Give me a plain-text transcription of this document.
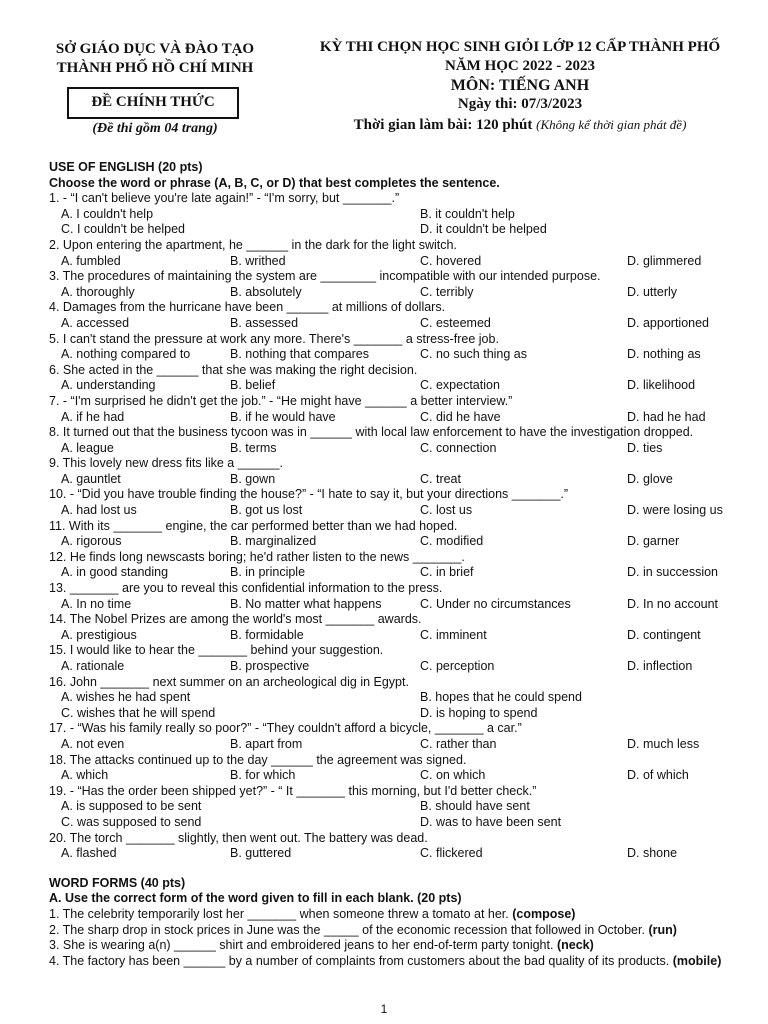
SỞ GIÁO DỤC VÀ ĐÀO TẠO
THÀNH PHỐ HỒ CHÍ MINH
ĐỀ CHÍNH THỨC
(Đề thi gồm 04 trang)
KỲ THI CHỌN HỌC SINH GIỎI LỚP 12 CẤP THÀNH PHỐ
NĂM HỌC 2022 - 2023
MÔN: TIẾNG ANH
Ngày thi: 07/3/2023
Thời gian làm bài: 120 phút (Không kể thời gian phát đề)
USE OF ENGLISH (20 pts)
Choose the word or phrase (A, B, C, or D) that best completes the sentence.
1. - “I can't believe you're late again!” - “I'm sorry, but _______.”
A. I couldn't help	B. it couldn't help
C. I couldn't be helped	D. it couldn't be helped
2. Upon entering the apartment, he ______ in the dark for the light switch.
A. fumbled	B. writhed	C. hovered	D. glimmered
3. The procedures of maintaining the system are ________ incompatible with our intended purpose.
A. thoroughly	B. absolutely	C. terribly	D. utterly
4. Damages from the hurricane have been ______ at millions of dollars.
A. accessed	B. assessed	C. esteemed	D. apportioned
5. I can't stand the pressure at work any more. There's _______ a stress-free job.
A. nothing compared to	B. nothing that compares	C. no such thing as	D. nothing as
6. She acted in the ______ that she was making the right decision.
A. understanding	B. belief	C. expectation	D. likelihood
7. - “I'm surprised he didn't get the job.” - “He might have ______ a better interview.”
A. if he had	B. if he would have	C. did he have	D. had he had
8. It turned out that the business tycoon was in ______ with local law enforcement to have the investigation dropped.
A. league	B. terms	C. connection	D. ties
9. This lovely new dress fits like a ______.
A. gauntlet	B. gown	C. treat	D. glove
10. - “Did you have trouble finding the house?” - “I hate to say it, but your directions _______.”
A. had lost us	B. got us lost	C. lost us	D. were losing us
11. With its _______ engine, the car performed better than we had hoped.
A. rigorous	B. marginalized	C. modified	D. garner
12. He finds long newscasts boring; he'd rather listen to the news _______.
A. in good standing	B. in principle	C. in brief	D. in succession
13. _______ are you to reveal this confidential information to the press.
A. In no time	B. No matter what happens	C. Under no circumstances	D. In no account
14. The Nobel Prizes are among the world's most _______ awards.
A. prestigious	B. formidable	C. imminent	D. contingent
15. I would like to hear the _______ behind your suggestion.
A. rationale	B. prospective	C. perception	D. inflection
16. John _______ next summer on an archeological dig in Egypt.
A. wishes he had spent	B. hopes that he could spend
C. wishes that he will spend	D. is hoping to spend
17. - “Was his family really so poor?” - “They couldn't afford a bicycle, _______ a car.”
A. not even	B. apart from	C. rather than	D. much less
18. The attacks continued up to the day ______ the agreement was signed.
A. which	B. for which	C. on which	D. of which
19. - “Has the order been shipped yet?” - “ It _______ this morning, but I'd better check.”
A. is supposed to be sent	B. should have sent
C. was supposed to send	D. was to have been sent
20. The torch _______ slightly, then went out. The battery was dead.
A. flashed	B. guttered	C. flickered	D. shone
WORD FORMS (40 pts)
A. Use the correct form of the word given to fill in each blank. (20 pts)
1. The celebrity temporarily lost her _______ when someone threw a tomato at her. (compose)
2. The sharp drop in stock prices in June was the _____ of the economic recession that followed in October. (run)
3. She is wearing a(n) ______ shirt and embroidered jeans to her end-of-term party tonight. (neck)
4. The factory has been ______ by a number of complaints from customers about the bad quality of its products. (mobile)
1
